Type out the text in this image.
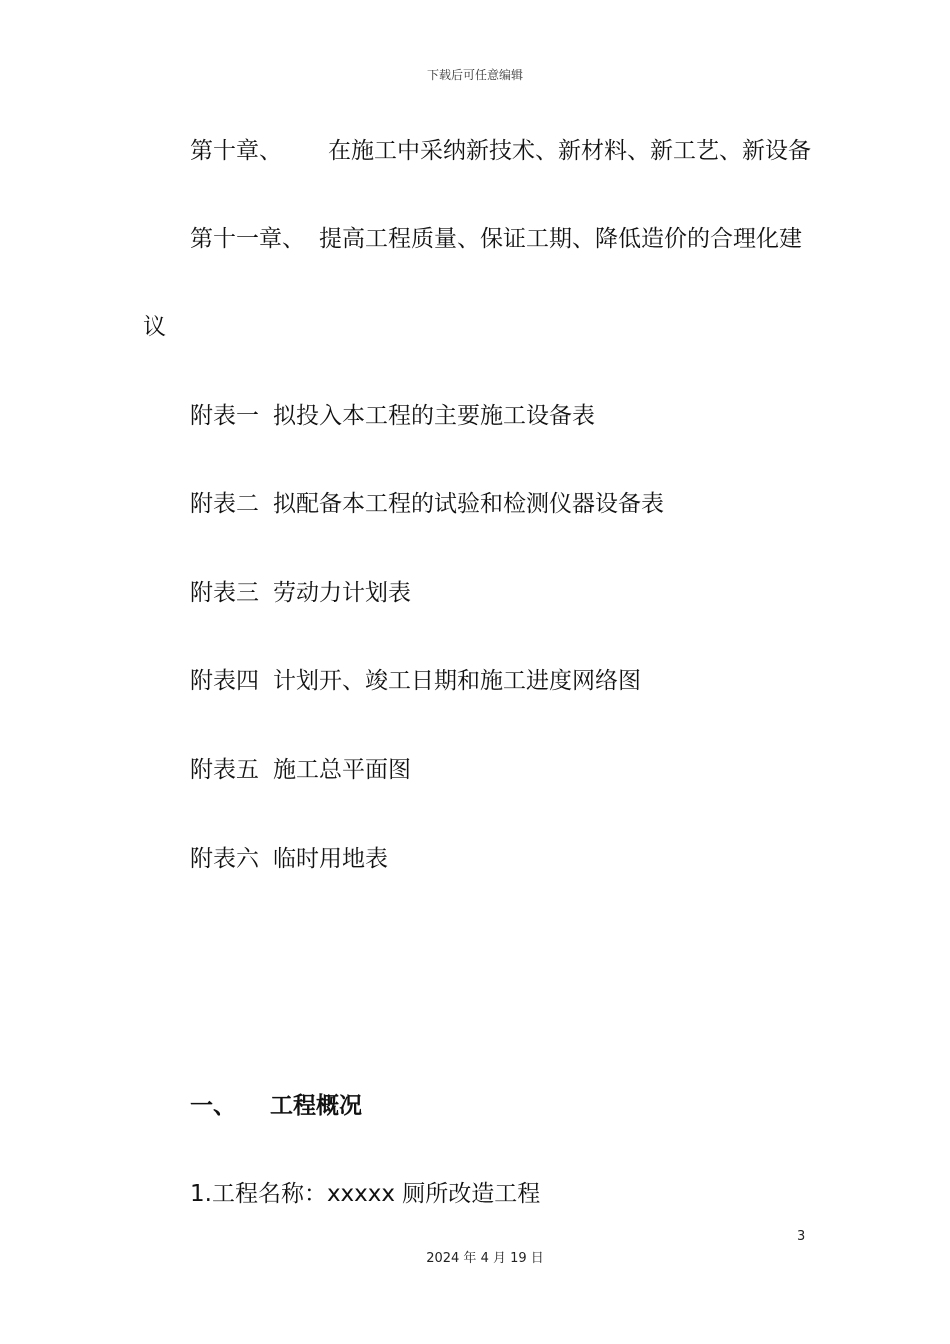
下载后可任意编辑
第十章、 在施工中采纳新技术、新材料、新工艺、新设备
第十一章、 提高工程质量、保证工期、降低造价的合理化建
议
附表一 拟投入本工程的主要施工设备表
附表二 拟配备本工程的试验和检测仪器设备表
附表三 劳动力计划表
附表四 计划开、竣工日期和施工进度网络图
附表五 施工总平面图
附表六 临时用地表
一、 工程概况
1.工程名称：xxxxx 厕所改造工程
3
2024 年 4 月 19 日
